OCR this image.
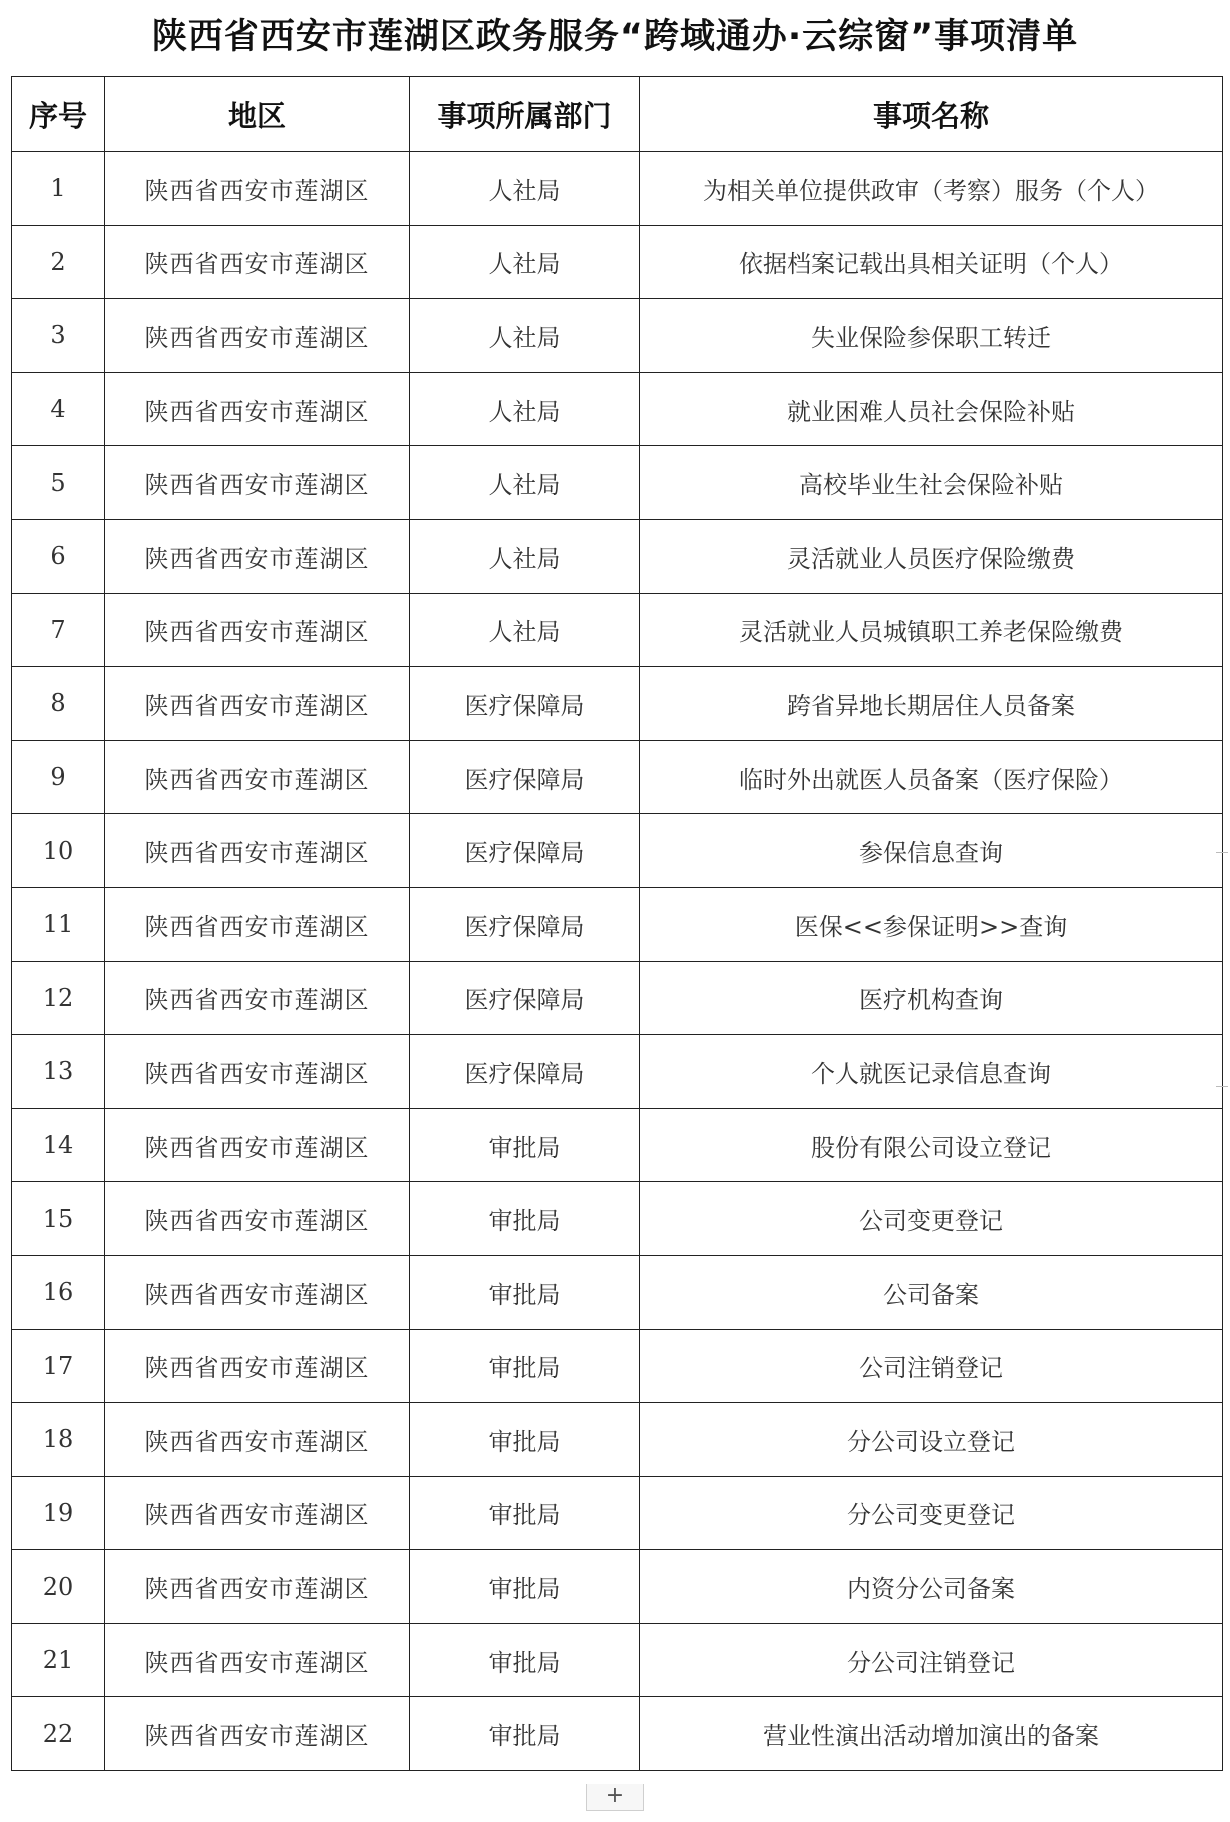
陕西省西安市莲湖区政务服务“跨域通办·云综窗”事项清单
序号	地区	事项所属部门	事项名称
1	陕西省西安市莲湖区	人社局	为相关单位提供政审（考察）服务（个人）
2	陕西省西安市莲湖区	人社局	依据档案记载出具相关证明（个人）
3	陕西省西安市莲湖区	人社局	失业保险参保职工转迁
4	陕西省西安市莲湖区	人社局	就业困难人员社会保险补贴
5	陕西省西安市莲湖区	人社局	高校毕业生社会保险补贴
6	陕西省西安市莲湖区	人社局	灵活就业人员医疗保险缴费
7	陕西省西安市莲湖区	人社局	灵活就业人员城镇职工养老保险缴费
8	陕西省西安市莲湖区	医疗保障局	跨省异地长期居住人员备案
9	陕西省西安市莲湖区	医疗保障局	临时外出就医人员备案（医疗保险）
10	陕西省西安市莲湖区	医疗保障局	参保信息查询
11	陕西省西安市莲湖区	医疗保障局	医保<<参保证明>>查询
12	陕西省西安市莲湖区	医疗保障局	医疗机构查询
13	陕西省西安市莲湖区	医疗保障局	个人就医记录信息查询
14	陕西省西安市莲湖区	审批局	股份有限公司设立登记
15	陕西省西安市莲湖区	审批局	公司变更登记
16	陕西省西安市莲湖区	审批局	公司备案
17	陕西省西安市莲湖区	审批局	公司注销登记
18	陕西省西安市莲湖区	审批局	分公司设立登记
19	陕西省西安市莲湖区	审批局	分公司变更登记
20	陕西省西安市莲湖区	审批局	内资分公司备案
21	陕西省西安市莲湖区	审批局	分公司注销登记
22	陕西省西安市莲湖区	审批局	营业性演出活动增加演出的备案
+
